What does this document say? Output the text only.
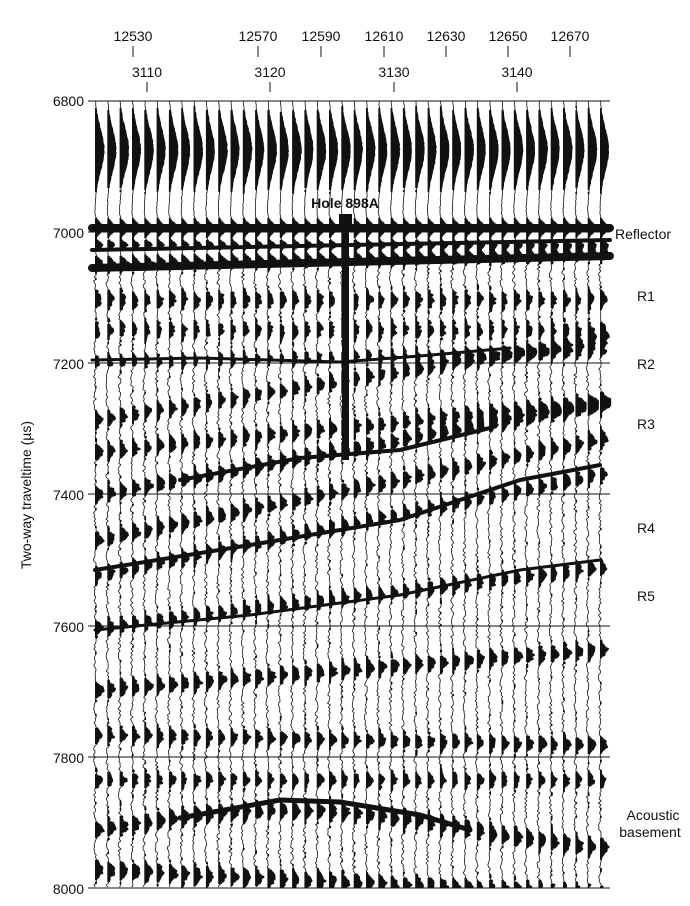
12530	12570 12590 12610 12630 12650 12670
3110	3120	3130	3140
Two-way traveltime (µs)
6800
7000
7200
7400
7600
7800
8000
Hole 898A
Reflector
R1
R2
R3
R4
R5
Acoustic
basement
